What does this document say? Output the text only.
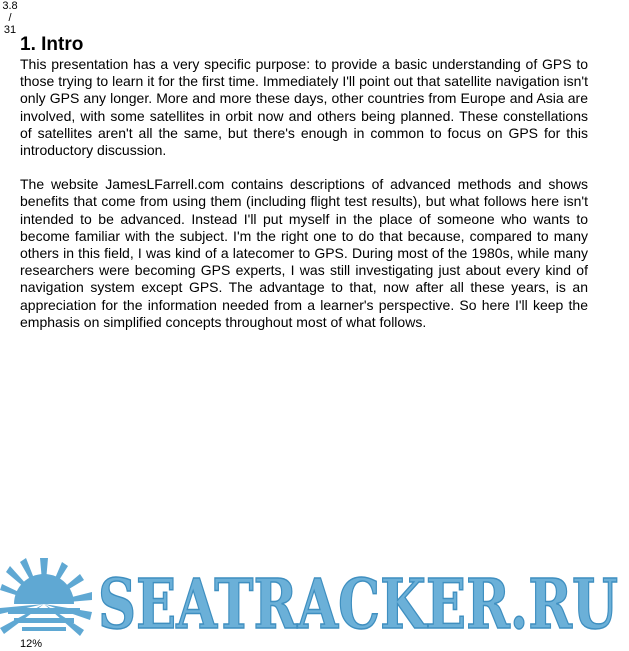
3.8
/
31
1. Intro

This presentation has a very specific purpose: to provide a basic understanding of GPS to those trying to learn it for the first time. Immediately I'll point out that satellite navigation isn't only GPS any longer. More and more these days, other countries from Europe and Asia are involved, with some satellites in orbit now and others being planned. These constellations of satellites aren't all the same, but there's enough in common to focus on GPS for this introductory discussion.

The website JamesLFarrell.com contains descriptions of advanced methods and shows benefits that come from using them (including flight test results), but what follows here isn't intended to be advanced. Instead I'll put myself in the place of someone who wants to become familiar with the subject. I'm the right one to do that because, compared to many others in this field, I was kind of a latecomer to GPS. During most of the 1980s, while many researchers were becoming GPS experts, I was still investigating just about every kind of navigation system except GPS. The advantage to that, now after all these years, is an appreciation for the information needed from a learner's perspective. So here I'll keep the emphasis on simplified concepts throughout most of what follows.

SEATRACKER.RU
12%
